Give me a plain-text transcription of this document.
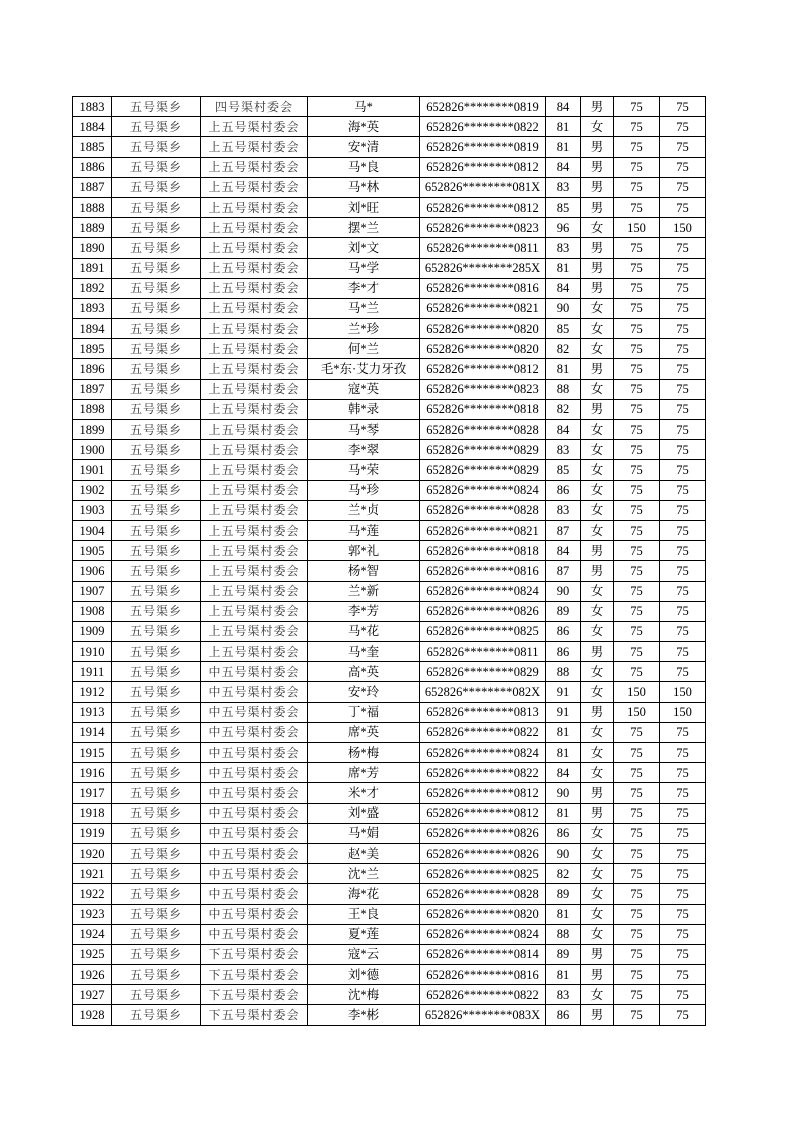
1883	五号渠乡	四号渠村委会	马*	652826********0819	84	男	75	75
1884	五号渠乡	上五号渠村委会	海*英	652826********0822	81	女	75	75
1885	五号渠乡	上五号渠村委会	安*清	652826********0819	81	男	75	75
1886	五号渠乡	上五号渠村委会	马*良	652826********0812	84	男	75	75
1887	五号渠乡	上五号渠村委会	马*林	652826********081X	83	男	75	75
1888	五号渠乡	上五号渠村委会	刘*旺	652826********0812	85	男	75	75
1889	五号渠乡	上五号渠村委会	摆*兰	652826********0823	96	女	150	150
1890	五号渠乡	上五号渠村委会	刘*文	652826********0811	83	男	75	75
1891	五号渠乡	上五号渠村委会	马*学	652826********285X	81	男	75	75
1892	五号渠乡	上五号渠村委会	李*才	652826********0816	84	男	75	75
1893	五号渠乡	上五号渠村委会	马*兰	652826********0821	90	女	75	75
1894	五号渠乡	上五号渠村委会	兰*珍	652826********0820	85	女	75	75
1895	五号渠乡	上五号渠村委会	何*兰	652826********0820	82	女	75	75
1896	五号渠乡	上五号渠村委会	毛*东·艾力牙孜	652826********0812	81	男	75	75
1897	五号渠乡	上五号渠村委会	寇*英	652826********0823	88	女	75	75
1898	五号渠乡	上五号渠村委会	韩*录	652826********0818	82	男	75	75
1899	五号渠乡	上五号渠村委会	马*琴	652826********0828	84	女	75	75
1900	五号渠乡	上五号渠村委会	李*翠	652826********0829	83	女	75	75
1901	五号渠乡	上五号渠村委会	马*荣	652826********0829	85	女	75	75
1902	五号渠乡	上五号渠村委会	马*珍	652826********0824	86	女	75	75
1903	五号渠乡	上五号渠村委会	兰*贞	652826********0828	83	女	75	75
1904	五号渠乡	上五号渠村委会	马*莲	652826********0821	87	女	75	75
1905	五号渠乡	上五号渠村委会	郭*礼	652826********0818	84	男	75	75
1906	五号渠乡	上五号渠村委会	杨*智	652826********0816	87	男	75	75
1907	五号渠乡	上五号渠村委会	兰*新	652826********0824	90	女	75	75
1908	五号渠乡	上五号渠村委会	李*芳	652826********0826	89	女	75	75
1909	五号渠乡	上五号渠村委会	马*花	652826********0825	86	女	75	75
1910	五号渠乡	上五号渠村委会	马*奎	652826********0811	86	男	75	75
1911	五号渠乡	中五号渠村委会	高*英	652826********0829	88	女	75	75
1912	五号渠乡	中五号渠村委会	安*玲	652826********082X	91	女	150	150
1913	五号渠乡	中五号渠村委会	丁*福	652826********0813	91	男	150	150
1914	五号渠乡	中五号渠村委会	席*英	652826********0822	81	女	75	75
1915	五号渠乡	中五号渠村委会	杨*梅	652826********0824	81	女	75	75
1916	五号渠乡	中五号渠村委会	席*芳	652826********0822	84	女	75	75
1917	五号渠乡	中五号渠村委会	米*才	652826********0812	90	男	75	75
1918	五号渠乡	中五号渠村委会	刘*盛	652826********0812	81	男	75	75
1919	五号渠乡	中五号渠村委会	马*娟	652826********0826	86	女	75	75
1920	五号渠乡	中五号渠村委会	赵*美	652826********0826	90	女	75	75
1921	五号渠乡	中五号渠村委会	沈*兰	652826********0825	82	女	75	75
1922	五号渠乡	中五号渠村委会	海*花	652826********0828	89	女	75	75
1923	五号渠乡	中五号渠村委会	王*良	652826********0820	81	女	75	75
1924	五号渠乡	中五号渠村委会	夏*莲	652826********0824	88	女	75	75
1925	五号渠乡	下五号渠村委会	寇*云	652826********0814	89	男	75	75
1926	五号渠乡	下五号渠村委会	刘*德	652826********0816	81	男	75	75
1927	五号渠乡	下五号渠村委会	沈*梅	652826********0822	83	女	75	75
1928	五号渠乡	下五号渠村委会	李*彬	652826********083X	86	男	75	75
